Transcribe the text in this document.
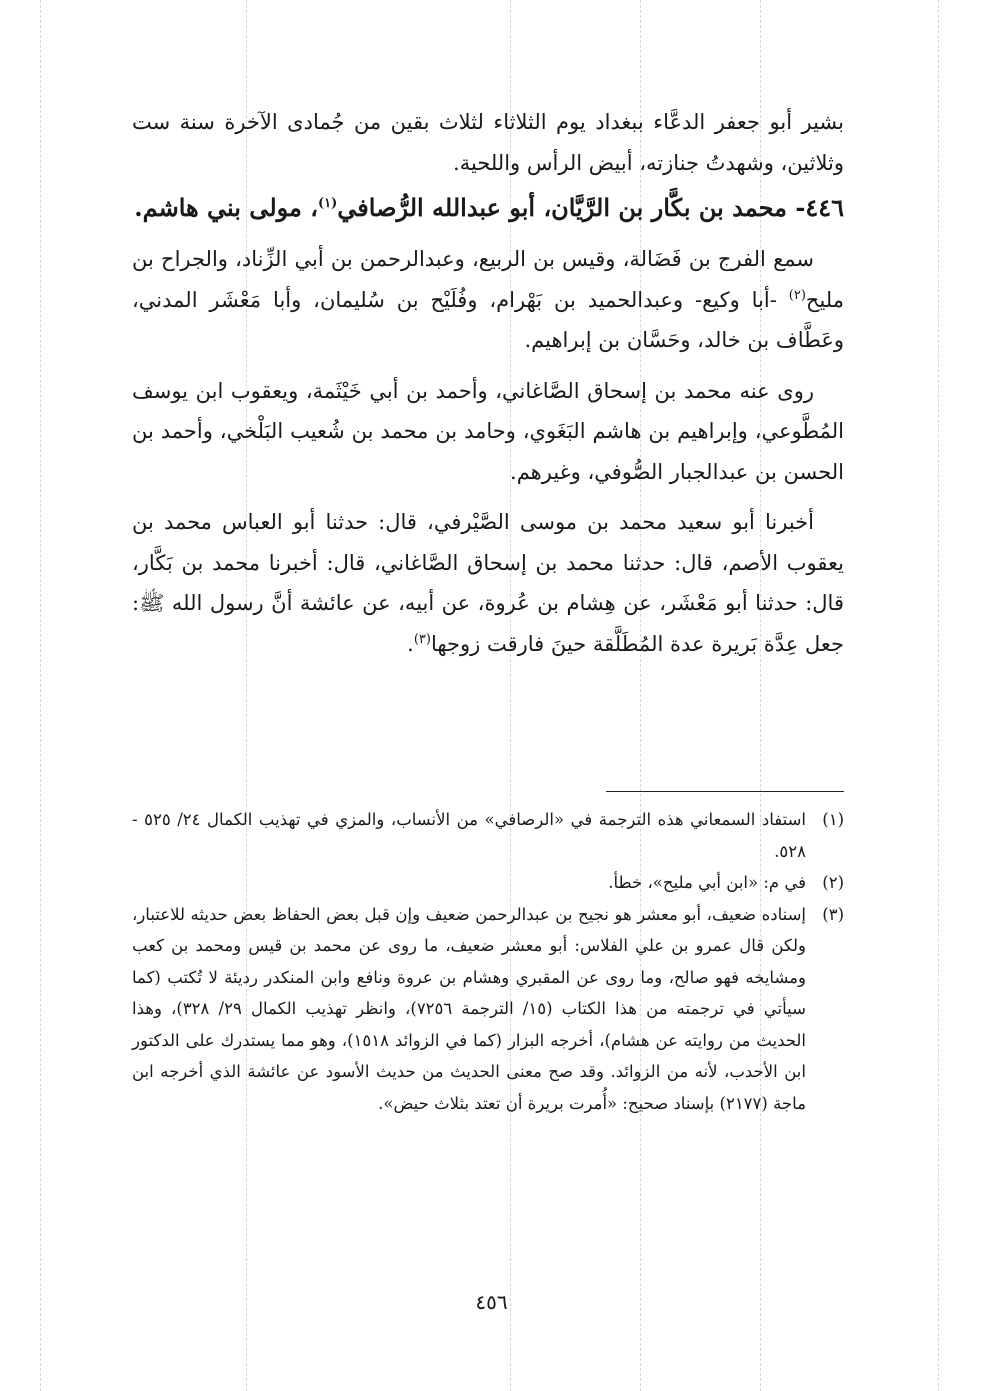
بشير أبو جعفر الدعَّاء ببغداد يوم الثلاثاء لثلاث بقين من جُمادى الآخرة سنة ست وثلاثين، وشهدتُ جنازته، أبيض الرأس واللحية.

٤٤٦- محمد بن بكَّار بن الرَّيَّان، أبو عبدالله الرُّصافي$^{(١)}$، مولى بني هاشم.

سمع الفرج بن فَضَالة، وقيس بن الربيع، وعبدالرحمن بن أبي الزِّناد، والجراح بن مليح$^{(٢)}$ -أبا وكيع- وعبدالحميد بن بَهْرام، وفُلَيْح بن سُليمان، وأبا مَعْشَر المدني، وعَطَّاف بن خالد، وحَسَّان بن إبراهيم.

روى عنه محمد بن إسحاق الصَّاغاني، وأحمد بن أبي خَيْثَمة، ويعقوب ابن يوسف المُطَّوعي، وإبراهيم بن هاشم البَغَوي، وحامد بن محمد بن شُعيب البَلْخي، وأحمد بن الحسن بن عبدالجبار الصُّوفي، وغيرهم.

أخبرنا أبو سعيد محمد بن موسى الصَّيْرفي، قال: حدثنا أبو العباس محمد بن يعقوب الأصم، قال: حدثنا محمد بن إسحاق الصَّاغاني، قال: أخبرنا محمد بن بَكَّار، قال: حدثنا أبو مَعْشَر، عن هِشام بن عُروة، عن أبيه، عن عائشة أنَّ رسول الله ﷺ: جعل عِدَّة بَريرة عدة المُطَلَّقة حينَ فارقت زوجها$^{(٣)}$.

(١)
استفاد السمعاني هذه الترجمة في «الرصافي» من الأنساب، والمزي في تهذيب الكمال ٢٤/ ٥٢٥ - ٥٢٨.
(٢)
في م: «ابن أبي مليح»، خطأ.
(٣)
إسناده ضعيف، أبو معشر هو نجيح بن عبدالرحمن ضعيف وإن قبل بعض الحفاظ بعض حديثه للاعتبار، ولكن قال عمرو بن علي الفلاس: أبو معشر ضعيف، ما روى عن محمد بن قيس ومحمد بن كعب ومشايخه فهو صالح، وما روى عن المقبري وهشام بن عروة ونافع وابن المنكدر رديئة لا تُكتب (كما سيأتي في ترجمته من هذا الكتاب (١٥/ الترجمة ٧٢٥٦)، وانظر تهذيب الكمال ٢٩/ ٣٢٨)، وهذا الحديث من روايته عن هشام)، أخرجه البزار (كما في الزوائد ١٥١٨)، وهو مما يستدرك على الدكتور ابن الأحدب، لأنه من الزوائد. وقد صح معنى الحديث من حديث الأسود عن عائشة الذي أخرجه ابن ماجة (٢١٧٧) بإسناد صحيح: «أُمرت بريرة أن تعتد بثلاث حيض».
٤٥٦
